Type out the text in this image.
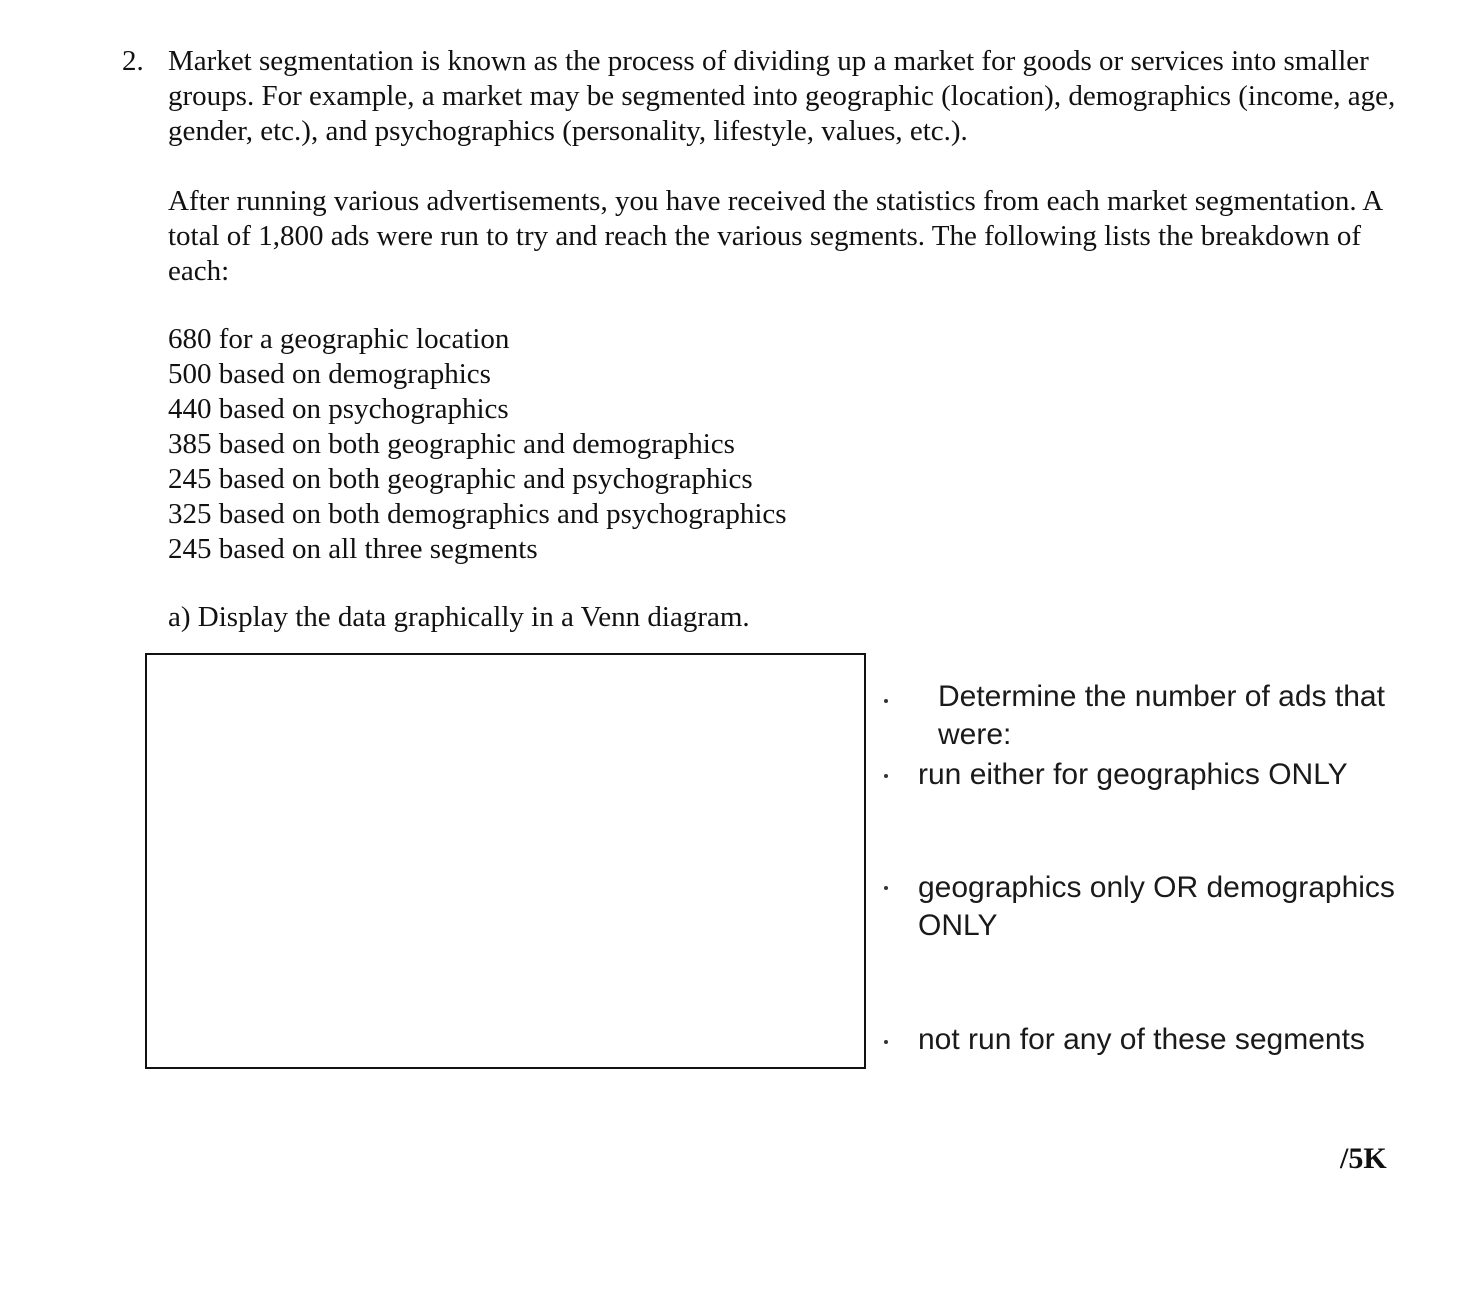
2. Market segmentation is known as the process of dividing up a market for goods or services into smaller groups. For example, a market may be segmented into geographic (location), demographics (income, age, gender, etc.), and psychographics (personality, lifestyle, values, etc.).

After running various advertisements, you have received the statistics from each market segmentation. A total of 1,800 ads were run to try and reach the various segments. The following lists the breakdown of each:

680 for a geographic location
500 based on demographics
440 based on psychographics
385 based on both geographic and demographics
245 based on both geographic and psychographics
325 based on both demographics and psychographics
245 based on all three segments

a) Display the data graphically in a Venn diagram.

Determine the number of ads that were:

run either for geographics ONLY

geographics only OR demographics ONLY

not run for any of these segments

/5K
